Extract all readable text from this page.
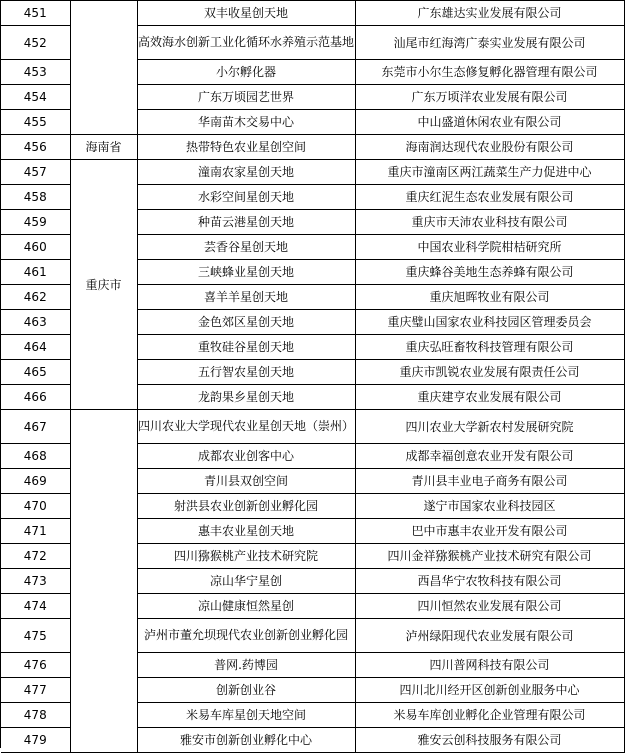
451		双丰收星创天地	广东雄达实业发展有限公司
452		高效海水创新工业化循环水养殖示范基地	汕尾市红海湾广泰实业发展有限公司
453		小尔孵化器	东莞市小尔生态修复孵化器管理有限公司
454		广东万顷园艺世界	广东万顷洋农业发展有限公司
455		华南苗木交易中心	中山盛道休闲农业有限公司
456	海南省	热带特色农业星创空间	海南润达现代农业股份有限公司
457	重庆市	潼南农家星创天地	重庆市潼南区两江蔬菜生产力促进中心
458		水彩空间星创天地	重庆红泥生态农业发展有限公司
459		种苗云港星创天地	重庆市天沛农业科技有限公司
460		芸香谷星创天地	中国农业科学院柑桔研究所
461		三峡蜂业星创天地	重庆蜂谷美地生态养蜂有限公司
462		喜羊羊星创天地	重庆旭晖牧业有限公司
463		金色郊区星创天地	重庆璧山国家农业科技园区管理委员会
464		重牧硅谷星创天地	重庆弘旺畜牧科技管理有限公司
465		五行智农星创天地	重庆市凯锐农业发展有限责任公司
466		龙韵果乡星创天地	重庆建亨农业发展有限公司
467		四川农业大学现代农业星创天地（崇州）	四川农业大学新农村发展研究院
468		成都农业创客中心	成都幸福创意农业开发有限公司
469		青川县双创空间	青川县丰业电子商务有限公司
470		射洪县农业创新创业孵化园	遂宁市国家农业科技园区
471		惠丰农业星创天地	巴中市惠丰农业开发有限公司
472		四川猕猴桃产业技术研究院	四川金祥猕猴桃产业技术研究有限公司
473		凉山华宁星创	西昌华宁农牧科技有限公司
474		凉山健康恒然星创	四川恒然农业发展有限公司
475		泸州市董允坝现代农业创新创业孵化园	泸州绿阳现代农业发展有限公司
476		普网.药博园	四川普网科技有限公司
477		创新创业谷	四川北川经开区创新创业服务中心
478		米易车库星创天地空间	米易车库创业孵化企业管理有限公司
479		雅安市创新创业孵化中心	雅安云创科技服务有限公司
